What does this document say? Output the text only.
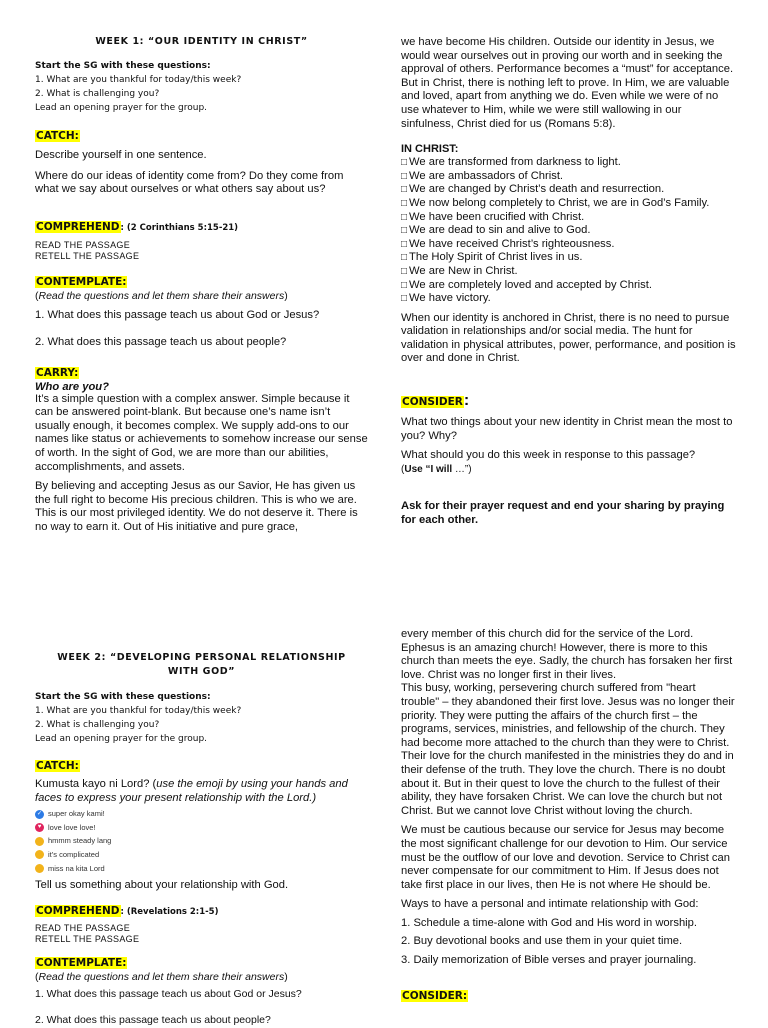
WEEK 1: “OUR IDENTITY IN CHRIST”
Start the SG with these questions:
1. What are you thankful for today/this week?
2. What is challenging you?
Lead an opening prayer for the group.
CATCH:

Describe yourself in one sentence.

Where do our ideas of identity come from? Do they come from what we say about ourselves or what others say about us?

COMPREHEND: (2 Corinthians 5:15-21)
READ THE PASSAGE
RETELL THE PASSAGE
CONTEMPLATE:
(Read the questions and let them share their answers)

1. What does this passage teach us about God or Jesus?

2. What does this passage teach us about people?

CARRY:
Who are you?

It’s a simple question with a complex answer. Simple because it can be answered point-blank. But because one’s name isn’t usually enough, it becomes complex. We supply add-ons to our names like status or achievements to somehow increase our sense of worth. In the sight of God, we are more than our abilities, accomplishments, and assets.

By believing and accepting Jesus as our Savior, He has given us the full right to become His precious children. This is who we are. This is our most privileged identity. We do not deserve it. There is no way to earn it. Out of His initiative and pure grace,

we have become His children. Outside our identity in Jesus, we would wear ourselves out in proving our worth and in seeking the approval of others. Performance becomes a “must” for acceptance. But in Christ, there is nothing left to prove. In Him, we are valuable and loved, apart from anything we do. Even while we were of no use whatever to Him, while we were still wallowing in our sinfulness, Christ died for us (Romans 5:8).

IN CHRIST:
□ We are transformed from darkness to light.
□ We are ambassadors of Christ.
□ We are changed by Christ’s death and resurrection.
□ We now belong completely to Christ, we are in God’s Family.
□ We have been crucified with Christ.
□ We are dead to sin and alive to God.
□ We have received Christ’s righteousness.
□ The Holy Spirit of Christ lives in us.
□ We are New in Christ.
□ We are completely loved and accepted by Christ.
□ We have victory.

When our identity is anchored in Christ, there is no need to pursue validation in relationships and/or social media. The hunt for validation in physical attributes, power, performance, and position is over and done in Christ.

CONSIDER:

What two things about your new identity in Christ mean the most to you? Why?

What should you do this week in response to this passage?

(Use “I will …”)

Ask for their prayer request and end your sharing by praying for each other.

WEEK 2: “DEVELOPING PERSONAL RELATIONSHIP
WITH GOD”
Start the SG with these questions:
1. What are you thankful for today/this week?
2. What is challenging you?
Lead an opening prayer for the group.
CATCH:
Kumusta kayo ni Lord? (use the emoji by using your hands and faces to express your present relationship with the Lord.)
✓ super okay kami!
♥ love love love!
hmmm steady lang
it’s complicated
miss na kita Lord

Tell us something about your relationship with God.

COMPREHEND: (Revelations 2:1-5)
READ THE PASSAGE
RETELL THE PASSAGE
CONTEMPLATE:
(Read the questions and let them share their answers)

1. What does this passage teach us about God or Jesus?

2. What does this passage teach us about people?

every member of this church did for the service of the Lord. Ephesus is an amazing church! However, there is more to this church than meets the eye. Sadly, the church has forsaken her first love. Christ was no longer first in their lives.

This busy, working, persevering church suffered from "heart trouble" – they abandoned their first love. Jesus was no longer their priority. They were putting the affairs of the church first – the programs, services, ministries, and fellowship of the church. They had become more attached to the church than they were to Christ. Their love for the church manifested in the ministries they do and in their defense of the truth. They love the church. There is no doubt about it. But in their quest to love the church to the fullest of their ability, they have forsaken Christ. We can love the church but not Christ. But we cannot love Christ without loving the church.

We must be cautious because our service for Jesus may become the most significant challenge for our devotion to Him. Our service must be the outflow of our love and devotion. Service to Christ can never compensate for our commitment to Him. If Jesus does not take first place in our lives, then He is not where He should be.

Ways to have a personal and intimate relationship with God:

1. Schedule a time-alone with God and His word in worship.

2. Buy devotional books and use them in your quiet time.

3. Daily memorization of Bible verses and prayer journaling.

CONSIDER:
